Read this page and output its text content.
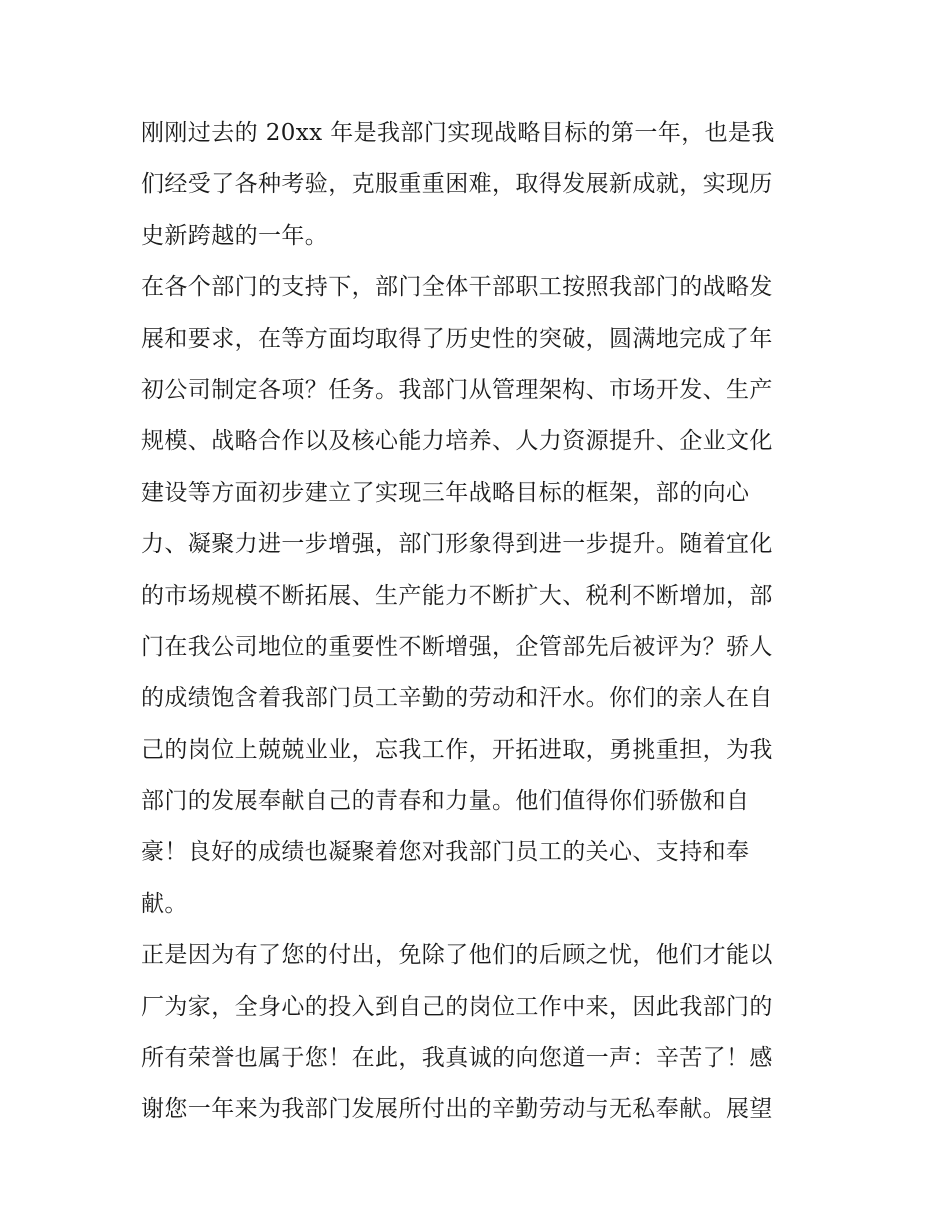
刚刚过去的 20xx 年是我部门实现战略目标的第一年，也是我
们经受了各种考验，克服重重困难，取得发展新成就，实现历
史新跨越的一年。
在各个部门的支持下，部门全体干部职工按照我部门的战略发
展和要求，在等方面均取得了历史性的突破，圆满地完成了年
初公司制定各项？任务。我部门从管理架构、市场开发、生产
规模、战略合作以及核心能力培养、人力资源提升、企业文化
建设等方面初步建立了实现三年战略目标的框架，部的向心
力、凝聚力进一步增强，部门形象得到进一步提升。随着宜化
的市场规模不断拓展、生产能力不断扩大、税利不断增加，部
门在我公司地位的重要性不断增强，企管部先后被评为？骄人
的成绩饱含着我部门员工辛勤的劳动和汗水。你们的亲人在自
己的岗位上兢兢业业，忘我工作，开拓进取，勇挑重担，为我
部门的发展奉献自己的青春和力量。他们值得你们骄傲和自
豪！良好的成绩也凝聚着您对我部门员工的关心、支持和奉
献。
正是因为有了您的付出，免除了他们的后顾之忧，他们才能以
厂为家，全身心的投入到自己的岗位工作中来，因此我部门的
所有荣誉也属于您！在此，我真诚的向您道一声：辛苦了！感
谢您一年来为我部门发展所付出的辛勤劳动与无私奉献。展望
